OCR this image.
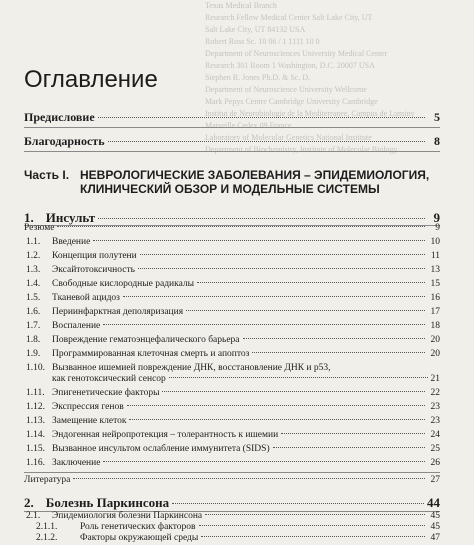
Texas Medical Branch
Research Fellow Medical Center Salt Lake City, UT
Salt Lake City, UT 84132 USA
Robert Ross Sc. 10 06 / 1 1111 10 0
Department of Neurosciences University Medical Center
Research 301 Room 1 Washington, D.C. 20007 USA
Stephen R. Jones Ph.D. & Sc. D.
Department of Neuroscience University Wellcome
Mark Pepys Centre Cambridge University Cambridge
Institut de Neurobiologie de la Mediterranee, Campus de Luminy
Marseille Cedex 09 France
Laboratory of Molecular Genetics National Institute
Department of Biochemistry, Institute of Molecular Biology
Оглавление
Предисловие	5
Благодарность	8
Часть I. НЕВРОЛОГИЧЕСКИЕ ЗАБОЛЕВАНИЯ – ЭПИДЕМИОЛОГИЯ, КЛИНИЧЕСКИЙ ОБЗОР И МОДЕЛЬНЫЕ СИСТЕМЫ
1. Инсульт	9
Резюме	9
1.1. Введение	10
1.2. Концепция полутени	11
1.3. Эксайтотоксичность	13
1.4. Свободные кислородные радикалы	15
1.5. Тканевой ацидоз	16
1.6. Периинфарктная деполяризация	17
1.7. Воспаление	18
1.8. Повреждение гематоэнцефалического барьера	20
1.9. Программированная клеточная смерть и апоптоз	20
1.10. Вызванное ишемией повреждение ДНК, восстановление ДНК и p53,
как генотоксический сенсор	21
1.11. Эпигенетические факторы	22
1.12. Экспрессия генов	23
1.13. Замещение клеток	23
1.14. Эндогенная нейропротекция – толерантность к ишемии	24
1.15. Вызванное инсультом ослабление иммунитета (SIDS)	25
1.16. Заключение	26
Литература	27
2. Болезнь Паркинсона	44
2.1. Эпидемиология болезни Паркинсона	45
2.1.1. Роль генетических факторов	45
2.1.2. Факторы окружающей среды	47
